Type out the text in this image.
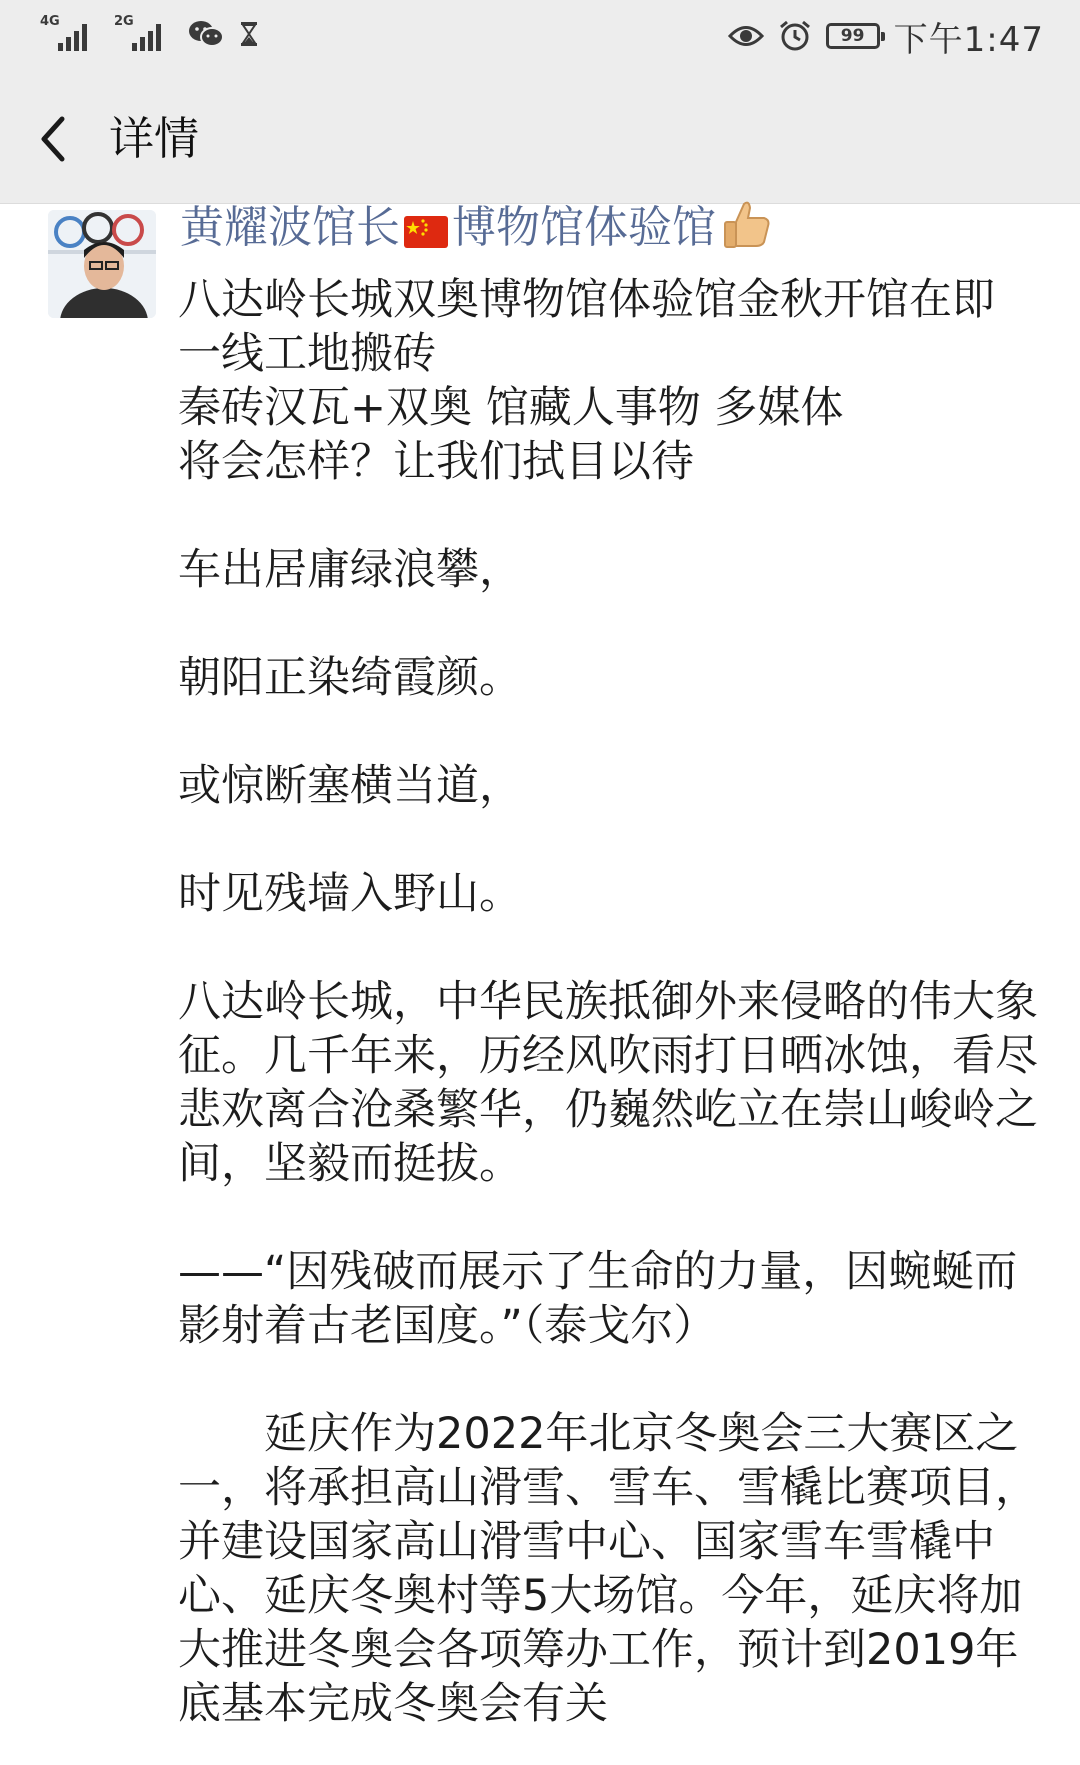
4G	2G
99 下午1:47
详情
黄耀波馆长 博物馆体验馆

八达岭长城双奥博物馆体验馆金秋开馆在即

一线工地搬砖

秦砖汉瓦+双奥 馆藏人事物 多媒体

将会怎样？让我们拭目以待

车出居庸绿浪攀，

朝阳正染绮霞颜。

或惊断塞横当道，

时见残墙入野山。

八达岭长城，中华民族抵御外来侵略的伟大象征。几千年来，历经风吹雨打日晒冰蚀，看尽悲欢离合沧桑繁华，仍巍然屹立在崇山峻岭之间，坚毅而挺拔。

——“因残破而展示了生命的力量，因蜿蜒而影射着古老国度。”（泰戈尔）

　　延庆作为2022年北京冬奥会三大赛区之一，将承担高山滑雪、雪车、雪橇比赛项目，并建设国家高山滑雪中心、国家雪车雪橇中心、延庆冬奥村等5大场馆。今年，延庆将加大推进冬奥会各项筹办工作，预计到2019年底基本完成冬奥会有关
